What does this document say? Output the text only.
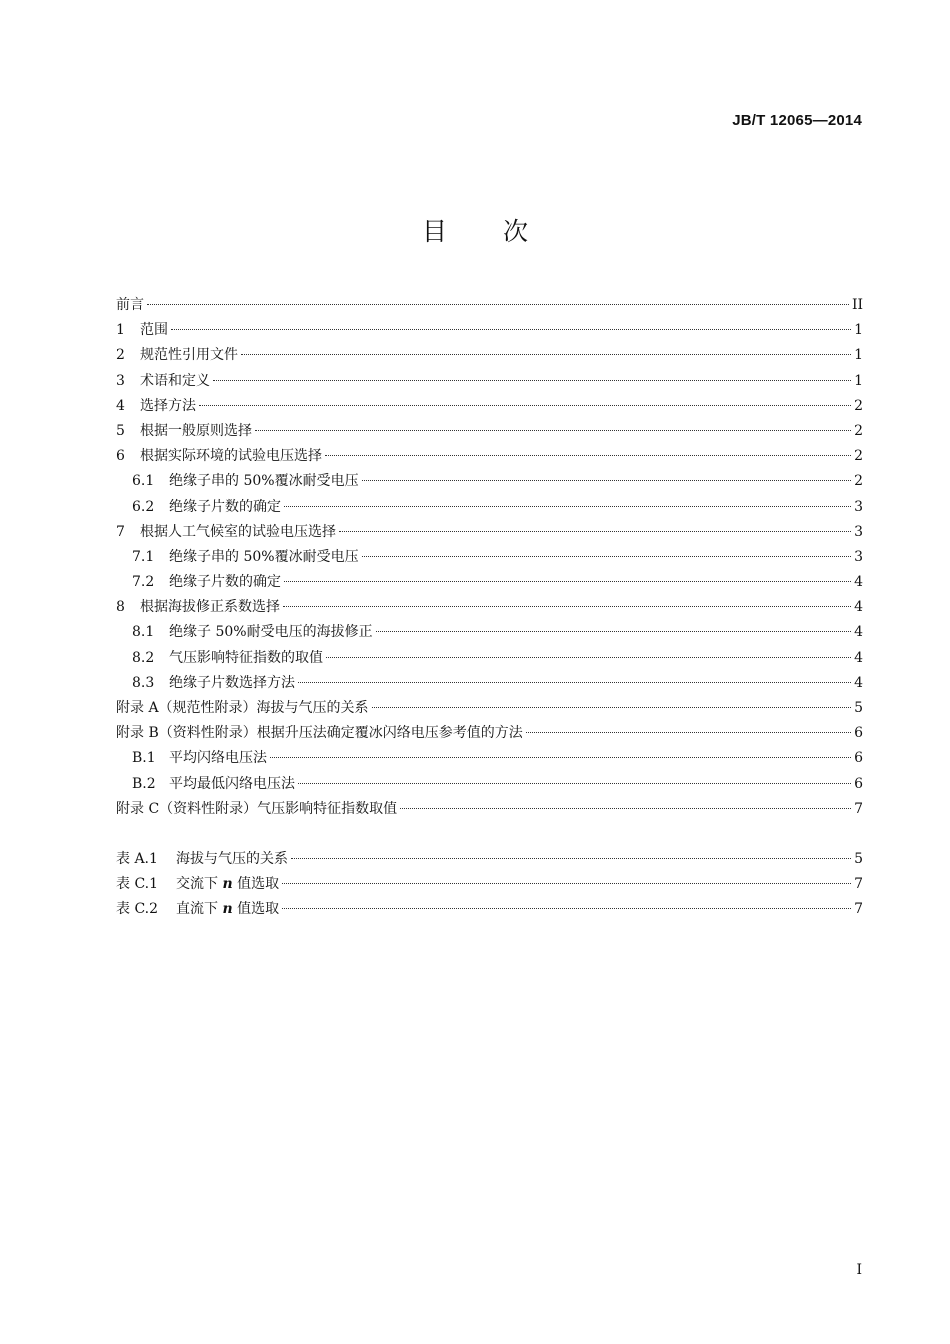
JB/T 12065—2014
目次
前言	II
1	范围	1
2	规范性引用文件	1
3	术语和定义	1
4	选择方法	2
5	根据一般原则选择	2
6	根据实际环境的试验电压选择	2
6.1	绝缘子串的 50%覆冰耐受电压	2
6.2	绝缘子片数的确定	3
7	根据人工气候室的试验电压选择	3
7.1	绝缘子串的 50%覆冰耐受电压	3
7.2	绝缘子片数的确定	4
8	根据海拔修正系数选择	4
8.1	绝缘子 50%耐受电压的海拔修正	4
8.2	气压影响特征指数的取值	4
8.3	绝缘子片数选择方法	4
附录 A（规范性附录）海拔与气压的关系	5
附录 B（资料性附录）根据升压法确定覆冰闪络电压参考值的方法	6
B.1 平均闪络电压法	6
B.2 平均最低闪络电压法	6
附录 C（资料性附录）气压影响特征指数取值	7
表 A.1	海拔与气压的关系	5
表 C.1	交流下 n 值选取	7
表 C.2	直流下 n 值选取	7
I
